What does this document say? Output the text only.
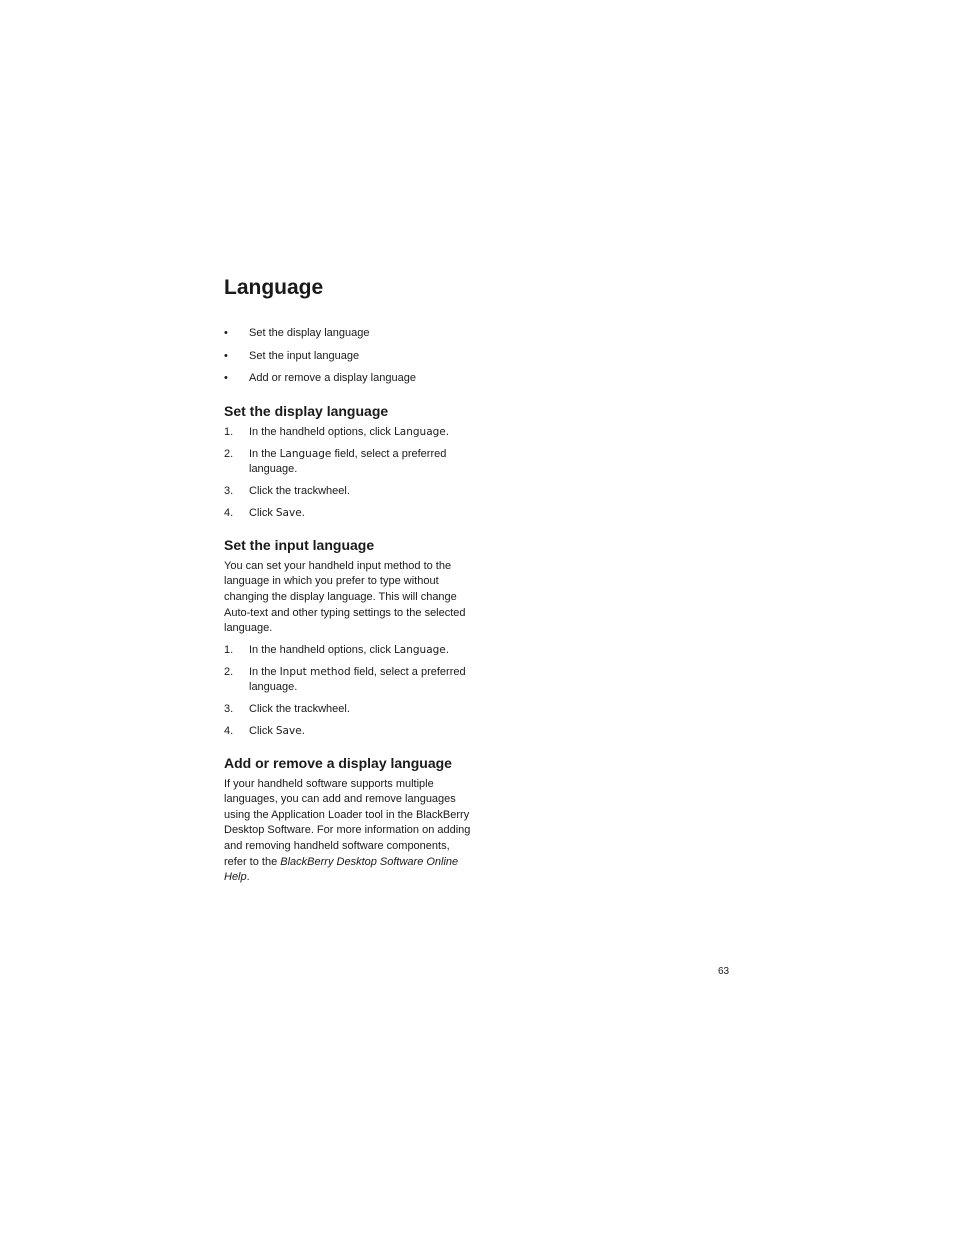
Language
• Set the display language
• Set the input language
• Add or remove a display language
Set the display language
1. In the handheld options, click Language.
2. In the Language field, select a preferred language.
3. Click the trackwheel.
4. Click Save.
Set the input language

You can set your handheld input method to the language in which you prefer to type without changing the display language. This will change Auto-text and other typing settings to the selected language.

1. In the handheld options, click Language.
2. In the Input method field, select a preferred language.
3. Click the trackwheel.
4. Click Save.
Add or remove a display language

If your handheld software supports multiple languages, you can add and remove languages using the Application Loader tool in the BlackBerry Desktop Software. For more information on adding and removing handheld software components, refer to the BlackBerry Desktop Software Online Help.

63
